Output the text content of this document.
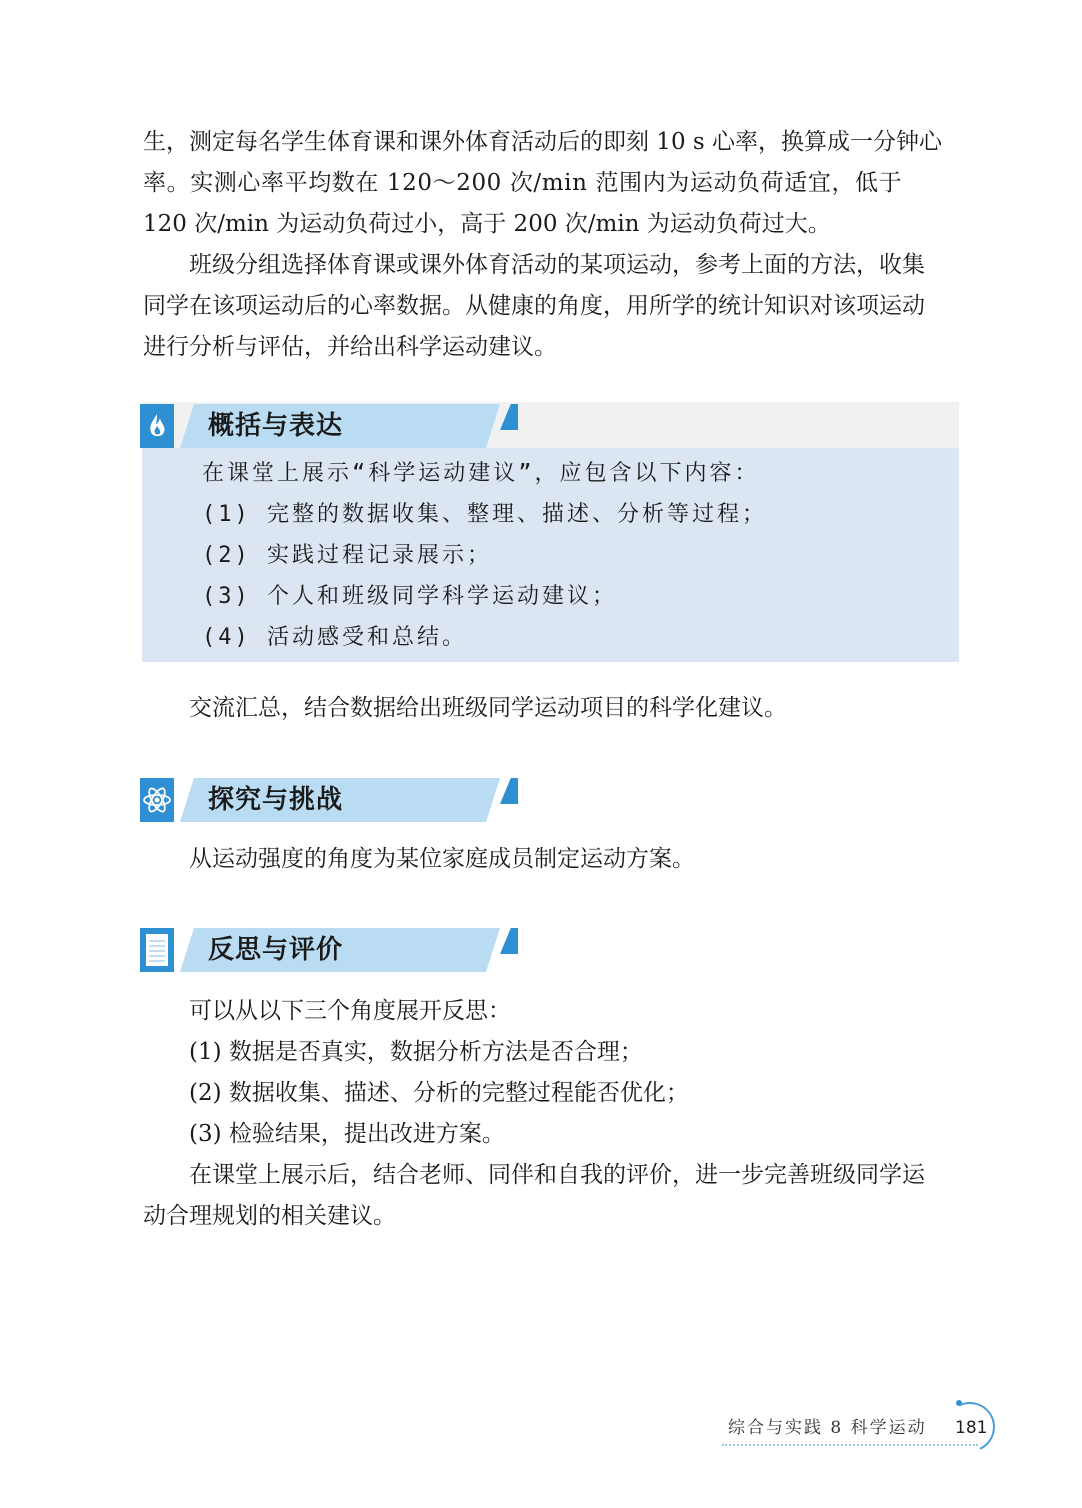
生，测定每名学生体育课和课外体育活动后的即刻 10 s 心率，换算成一分钟心

率。实测心率平均数在 120～200 次/min 范围内为运动负荷适宜，低于

120 次/min 为运动负荷过小，高于 200 次/min 为运动负荷过大。

班级分组选择体育课或课外体育活动的某项运动，参考上面的方法，收集

同学在该项运动后的心率数据。从健康的角度，用所学的统计知识对该项运动

进行分析与评估，并给出科学运动建议。

概括与表达
在课堂上展示“科学运动建议”，应包含以下内容：
(1) 完整的数据收集、整理、描述、分析等过程；
(2) 实践过程记录展示；
(3) 个人和班级同学科学运动建议；
(4) 活动感受和总结。

交流汇总，结合数据给出班级同学运动项目的科学化建议。

探究与挑战

从运动强度的角度为某位家庭成员制定运动方案。

反思与评价

可以从以下三个角度展开反思：

(1) 数据是否真实，数据分析方法是否合理；

(2) 数据收集、描述、分析的完整过程能否优化；

(3) 检验结果，提出改进方案。

在课堂上展示后，结合老师、同伴和自我的评价，进一步完善班级同学运

动合理规划的相关建议。

综合与实践 8 科学运动 181
